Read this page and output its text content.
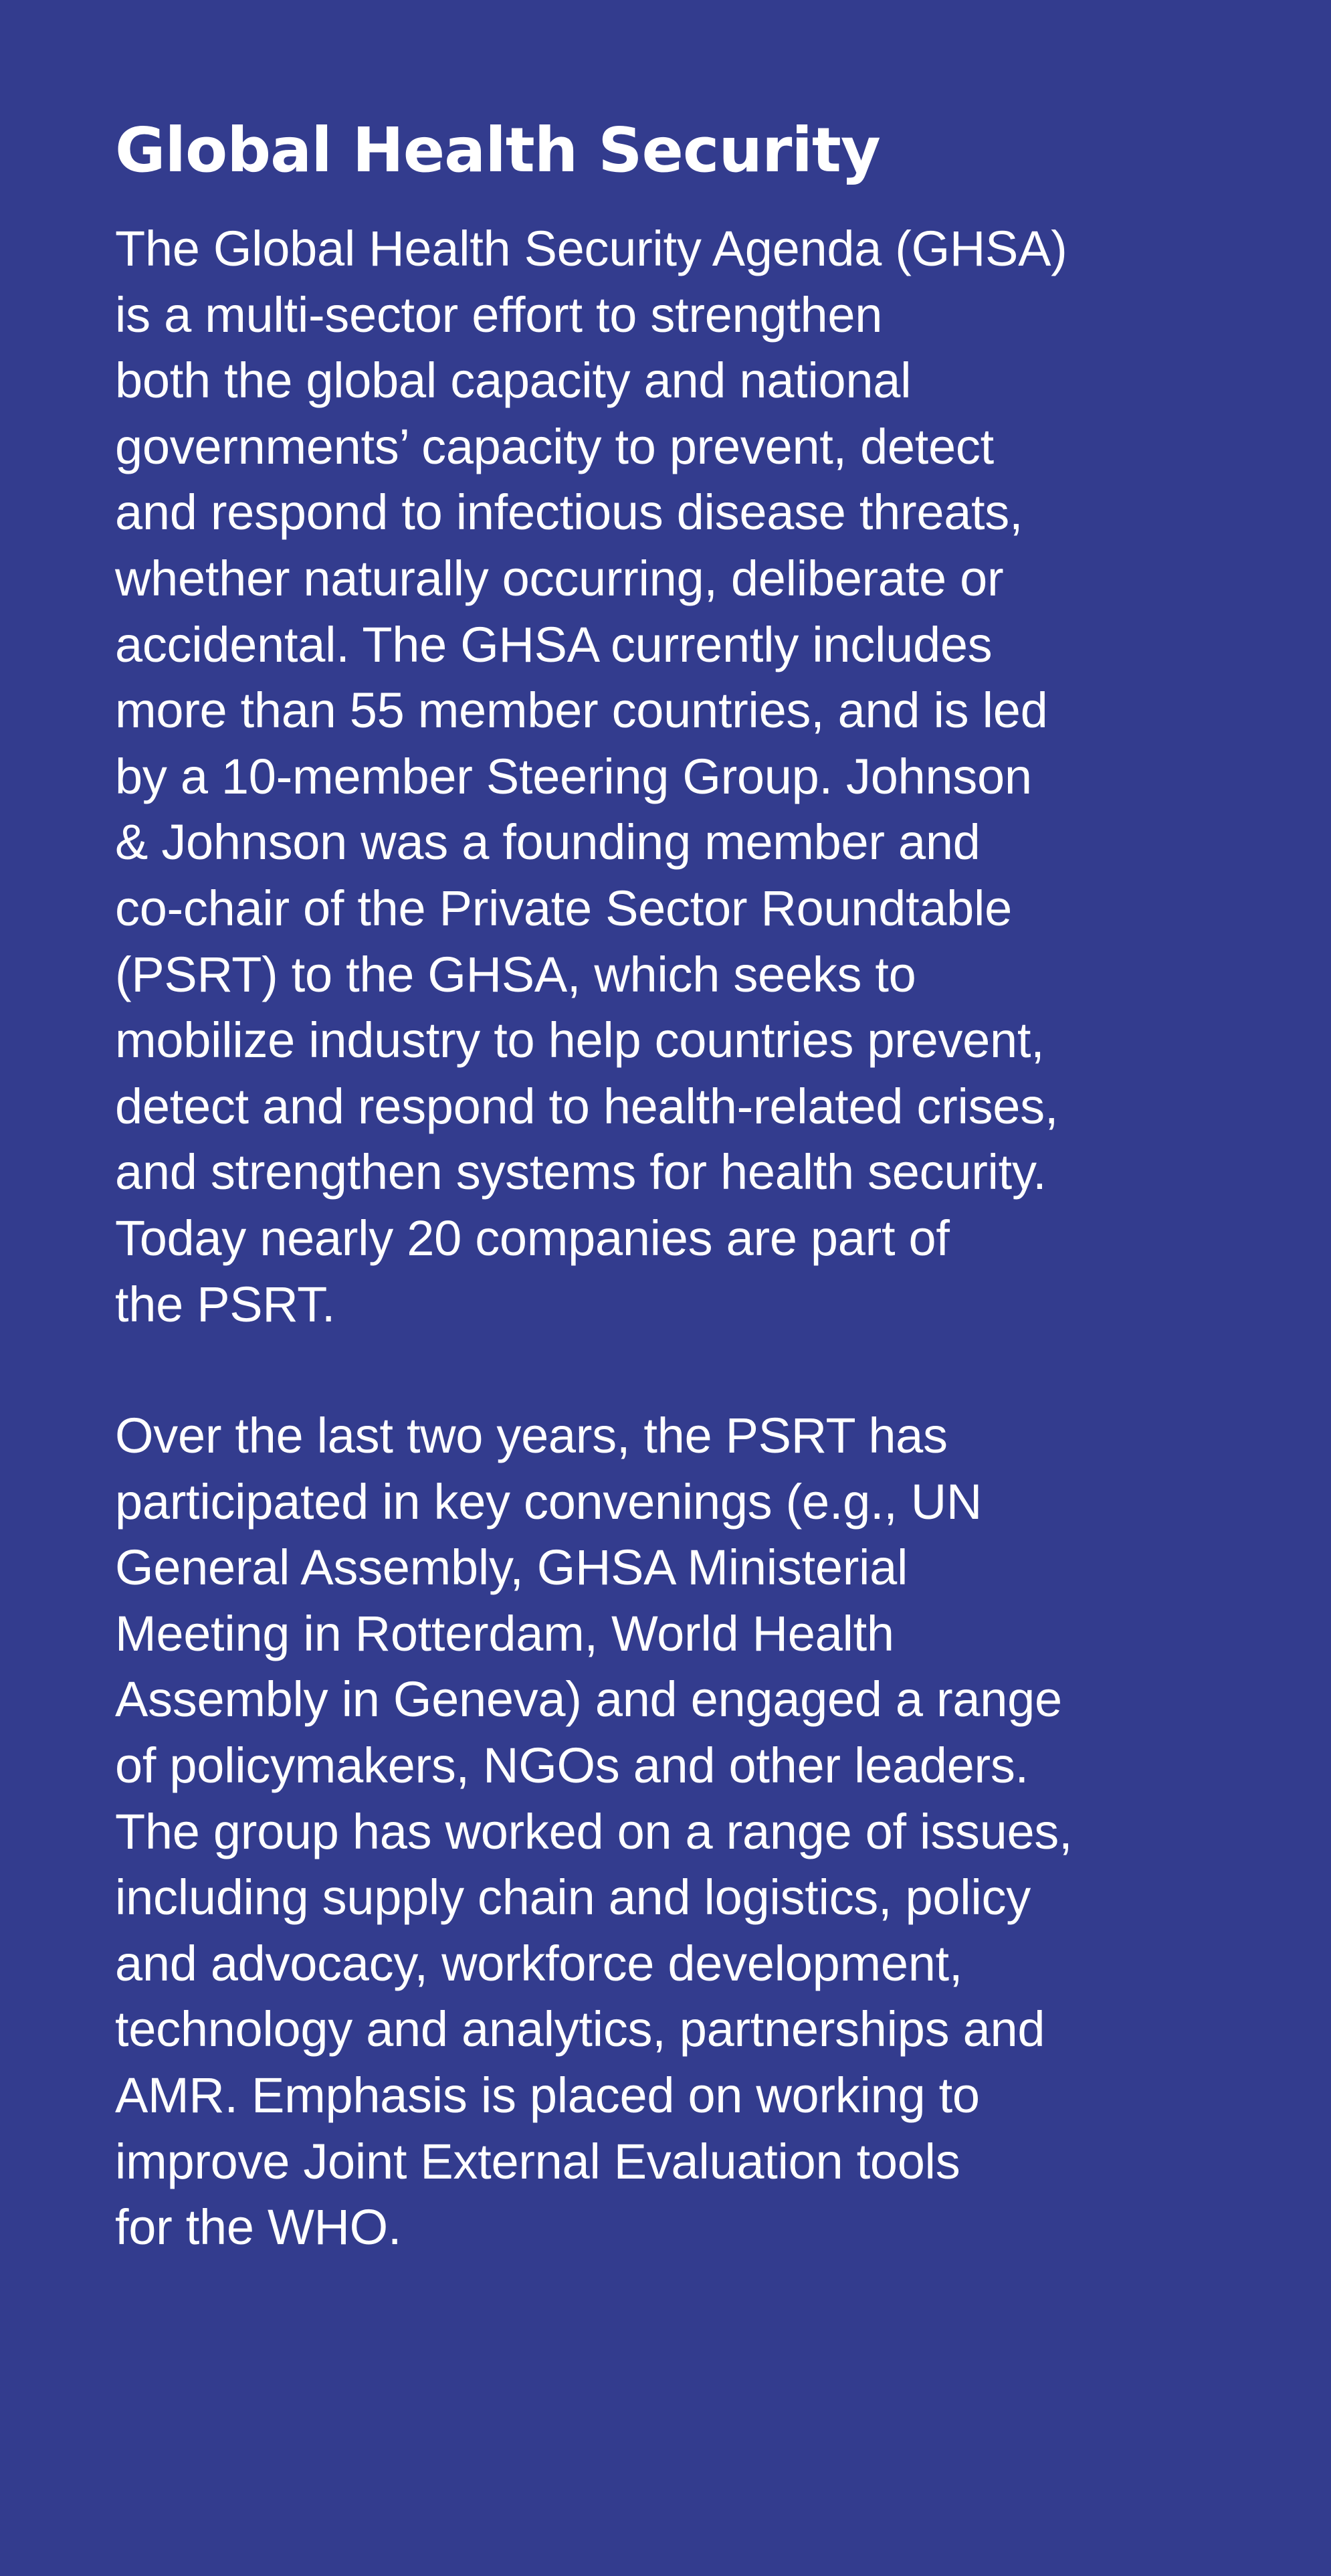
Global Health Security

The Global Health Security Agenda (GHSA)
is a multi-sector effort to strengthen
both the global capacity and national
governments’ capacity to prevent, detect
and respond to infectious disease threats,
whether naturally occurring, deliberate or
accidental. The GHSA currently includes
more than 55 member countries, and is led
by a 10-member Steering Group. Johnson
& Johnson was a founding member and
co-chair of the Private Sector Roundtable
(PSRT) to the GHSA, which seeks to
mobilize industry to help countries prevent,
detect and respond to health-related crises,
and strengthen systems for health security.
Today nearly 20 companies are part of
the PSRT.

Over the last two years, the PSRT has
participated in key convenings (e.g., UN
General Assembly, GHSA Ministerial
Meeting in Rotterdam, World Health
Assembly in Geneva) and engaged a range
of policymakers, NGOs and other leaders.
The group has worked on a range of issues,
including supply chain and logistics, policy
and advocacy, workforce development,
technology and analytics, partnerships and
AMR. Emphasis is placed on working to
improve Joint External Evaluation tools
for the WHO.
